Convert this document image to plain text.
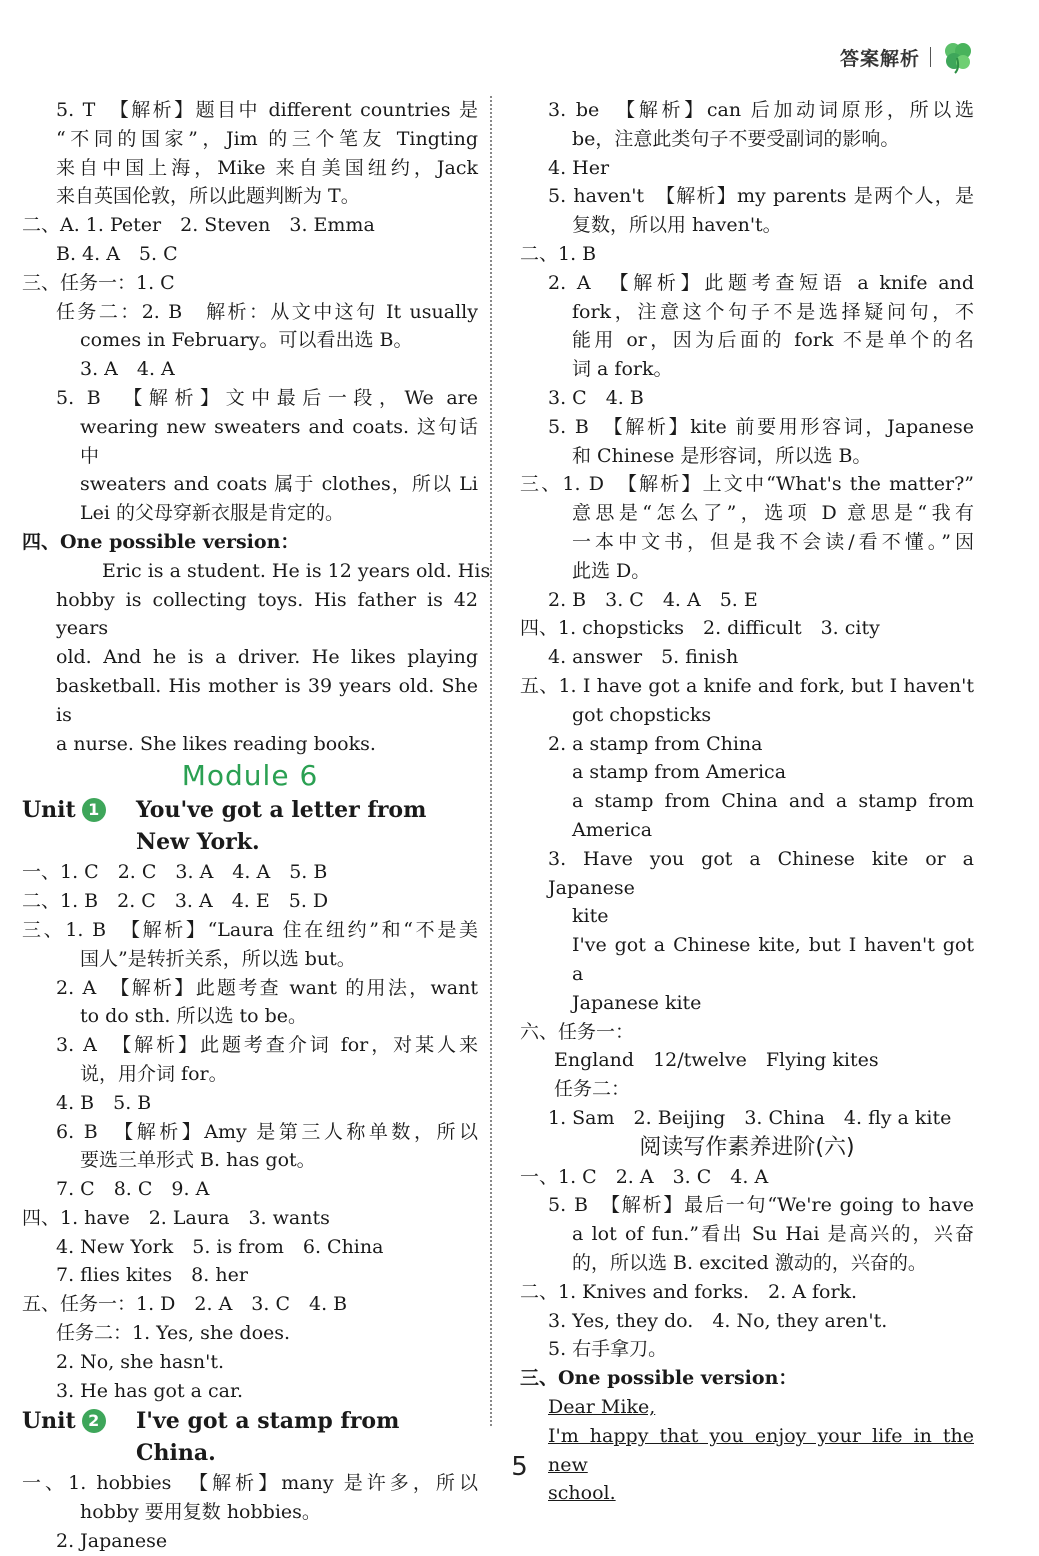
答案解析
5. T　【解析】题目中 different countries 是
“不同的国家”，Jim 的三个笔友 Tingting
来自中国上海，Mike 来自美国纽约，Jack
来自英国伦敦，所以此题判断为 T。
二、A. 1. Peter　2. Steven　3. Emma
B. 4. A　5. C
三、任务一：1. C
任务二：2. B　解析：从文中这句 It usually
comes in February。可以看出选 B。
3. A　4. A
5. B　【解析】文中最后一段，We are
wearing new sweaters and coats. 这句话中
sweaters and coats 属于 clothes，所以 Li
Lei 的父母穿新衣服是肯定的。
四、One possible version：
Eric is a student. He is 12 years old. His
hobby is collecting toys. His father is 42 years
old. And he is a driver. He likes playing
basketball. His mother is 39 years old. She is
a nurse. She likes reading books.
Module 6
Unit 1 You've got a letter from New York.
一、1. C　2. C　3. A　4. A　5. B
二、1. B　2. C　3. A　4. E　5. D
三、1. B　【解析】“Laura 住在纽约”和“不是美
国人”是转折关系，所以选 but。
2. A　【解析】此题考查 want 的用法，want
to do sth. 所以选 to be。
3. A　【解析】此题考查介词 for，对某人来
说，用介词 for。
4. B　5. B
6. B　【解析】Amy 是第三人称单数，所以
要选三单形式 B. has got。
7. C　8. C　9. A
四、1. have　2. Laura　3. wants
4. New York　5. is from　6. China
7. flies kites　8. her
五、任务一：1. D　2. A　3. C　4. B
任务二：1. Yes, she does.
2. No, she hasn't.
3. He has got a car.
Unit 2 I've got a stamp from China.
一、1. hobbies　【解析】many 是许多，所以
hobby 要用复数 hobbies。
2. Japanese
3. be　【解析】can 后加动词原形，所以选
be，注意此类句子不要受副词的影响。
4. Her
5. haven't　【解析】my parents 是两个人，是
复数，所以用 haven't。
二、1. B
2. A　【解析】此题考查短语 a knife and
fork，注意这个句子不是选择疑问句，不
能用 or，因为后面的 fork 不是单个的名
词 a fork。
3. C　4. B
5. B　【解析】kite 前要用形容词，Japanese
和 Chinese 是形容词，所以选 B。
三、1. D　【解析】上文中“What's the matter?”
意思是“怎么了”，选项 D 意思是“我有
一本中文书，但是我不会读/看不懂。”因
此选 D。
2. B　3. C　4. A　5. E
四、1. chopsticks　2. difficult　3. city
4. answer　5. finish
五、1. I have got a knife and fork, but I haven't
got chopsticks
2. a stamp from China
a stamp from America
a stamp from China and a stamp from
America
3. Have you got a Chinese kite or a Japanese
kite
I've got a Chinese kite, but I haven't got a
Japanese kite
六、任务一：
England　12/twelve　Flying kites
任务二：
1. Sam　2. Beijing　3. China　4. fly a kite
阅读写作素养进阶(六)
一、1. C　2. A　3. C　4. A
5. B　【解析】最后一句“We're going to have
a lot of fun.”看出 Su Hai 是高兴的，兴奋
的，所以选 B. excited 激动的，兴奋的。
二、1. Knives and forks.　2. A fork.
3. Yes, they do.　4. No, they aren't.
5. 右手拿刀。
三、One possible version：
Dear Mike,
I'm happy that you enjoy your life in the new
school.
5
